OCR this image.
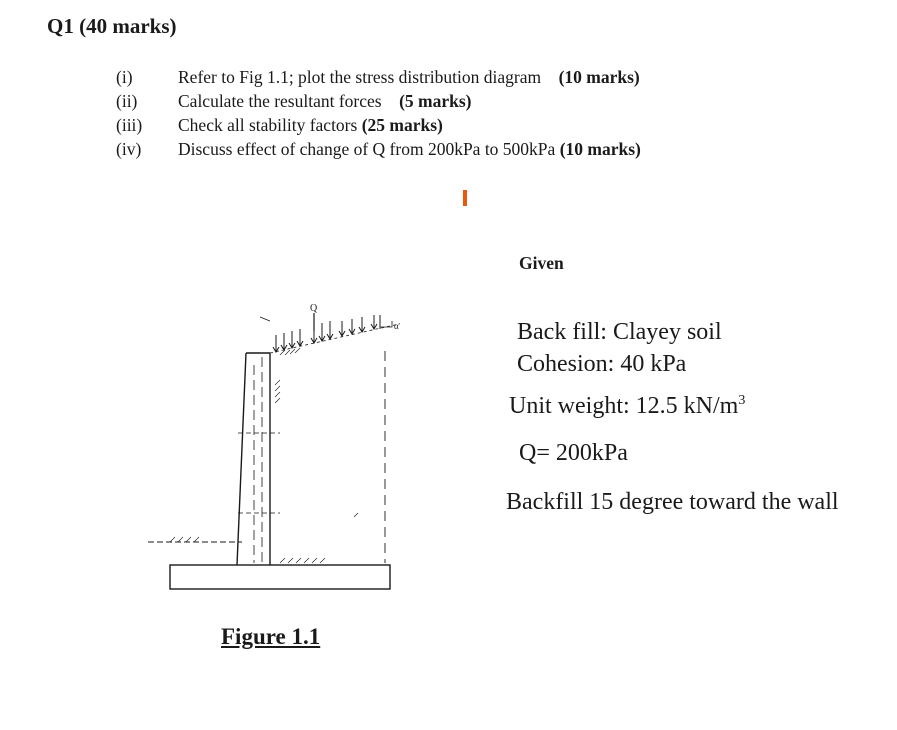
Q1 (40 marks)
(i)	Refer to Fig 1.1; plot the stress distribution diagram (10 marks)
(ii) Calculate the resultant forces (5 marks)
(iii) Check all stability factors (25 marks)
(iv) Discuss effect of change of Q from 200kPa to 500kPa (10 marks)
Given
Back fill: Clayey soil
Cohesion: 40 kPa
Unit weight: 12.5 $kN/m^3$
Q= 200kPa
Backfill 15 degree toward the wall
Q
α
Figure 1.1
